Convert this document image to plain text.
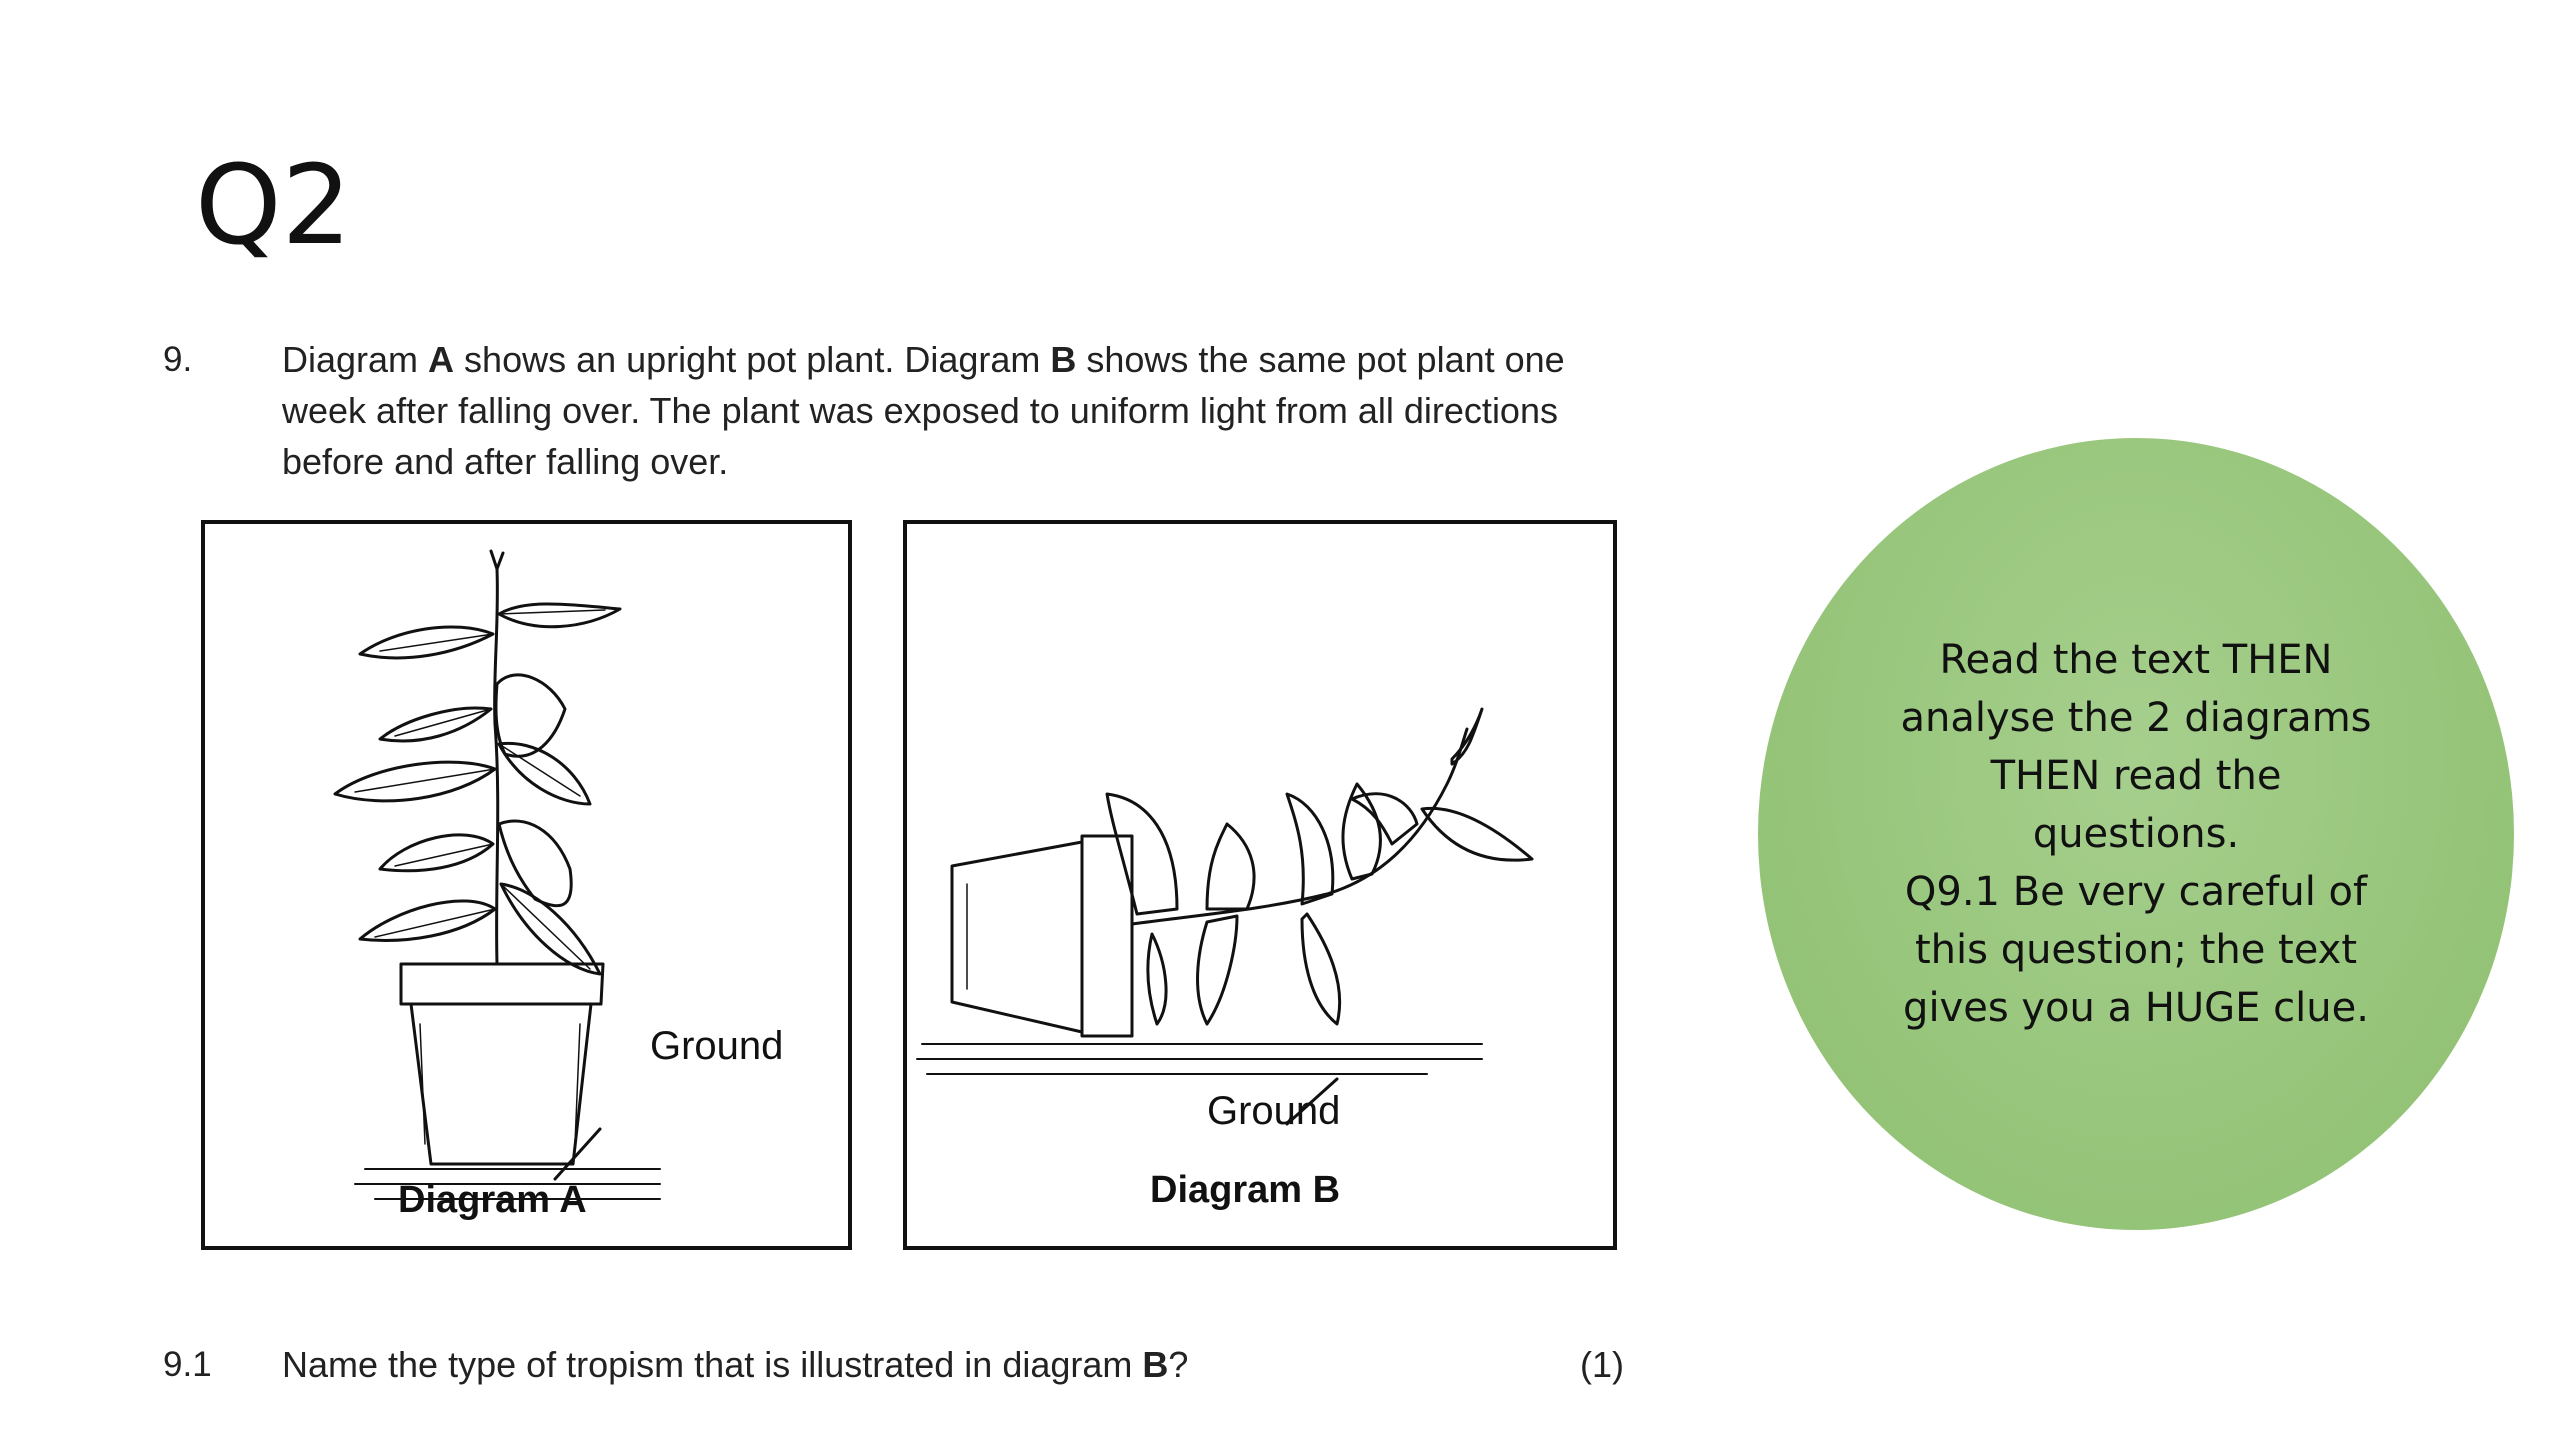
Q2
9. Diagram A shows an upright pot plant. Diagram B shows the same pot plant one week after falling over. The plant was exposed to uniform light from all directions before and after falling over.
Ground
Diagram A
Ground
Diagram B
9.1 Name the type of tropism that is illustrated in diagram B?	(1)

Read the text THEN analyse the 2 diagrams THEN read the questions.

Q9.1 Be very careful of this question; the text gives you a HUGE clue.
